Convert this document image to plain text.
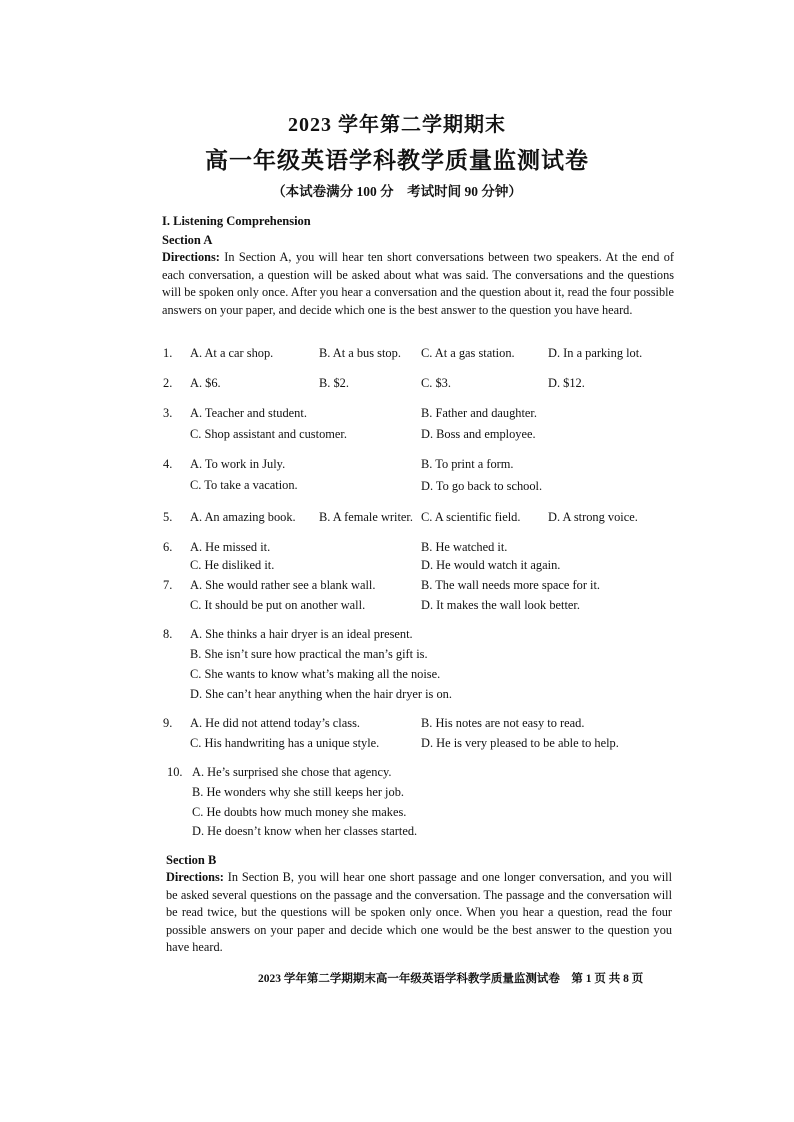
2023 学年第二学期期末
高一年级英语学科教学质量监测试卷
（本试卷满分 100 分　考试时间 90 分钟）
I. Listening Comprehension
Section A
Directions: In Section A, you will hear ten short conversations between two speakers. At the end of each conversation, a question will be asked about what was said. The conversations and the questions will be spoken only once. After you hear a conversation and the question about it, read the four possible answers on your paper, and decide which one is the best answer to the question you have heard.
1. A. At a car shop.	B. At a bus stop. C. At a gas station.	D. In a parking lot.
2. A. $6.	B. $2.	C. $3.	D. $12.
3. A. Teacher and student.	B. Father and daughter.
C. Shop assistant and customer.	D. Boss and employee.
4. A. To work in July.	B. To print a form.
C. To take a vacation.	D. To go back to school.
5. A. An amazing book. B. A female writer. C. A scientific field. D. A strong voice.
6. A. He missed it.	B. He watched it.
C. He disliked it.	D. He would watch it again.
7. A. She would rather see a blank wall.	B. The wall needs more space for it.
C. It should be put on another wall.	D. It makes the wall look better.
8. A. She thinks a hair dryer is an ideal present.
B. She isn’t sure how practical the man’s gift is.
C. She wants to know what’s making all the noise.
D. She can’t hear anything when the hair dryer is on.
9. A. He did not attend today’s class.	B. His notes are not easy to read.
C. His handwriting has a unique style.	D. He is very pleased to be able to help.
10. A. He’s surprised she chose that agency.
B. He wonders why she still keeps her job.
C. He doubts how much money she makes.
D. He doesn’t know when her classes started.
Section B
Directions: In Section B, you will hear one short passage and one longer conversation, and you will be asked several questions on the passage and the conversation. The passage and the conversation will be read twice, but the questions will be spoken only once. When you hear a question, read the four possible answers on your paper and decide which one would be the best answer to the question you have heard.
2023 学年第二学期期末高一年级英语学科教学质量监测试卷　第 1 页 共 8 页
